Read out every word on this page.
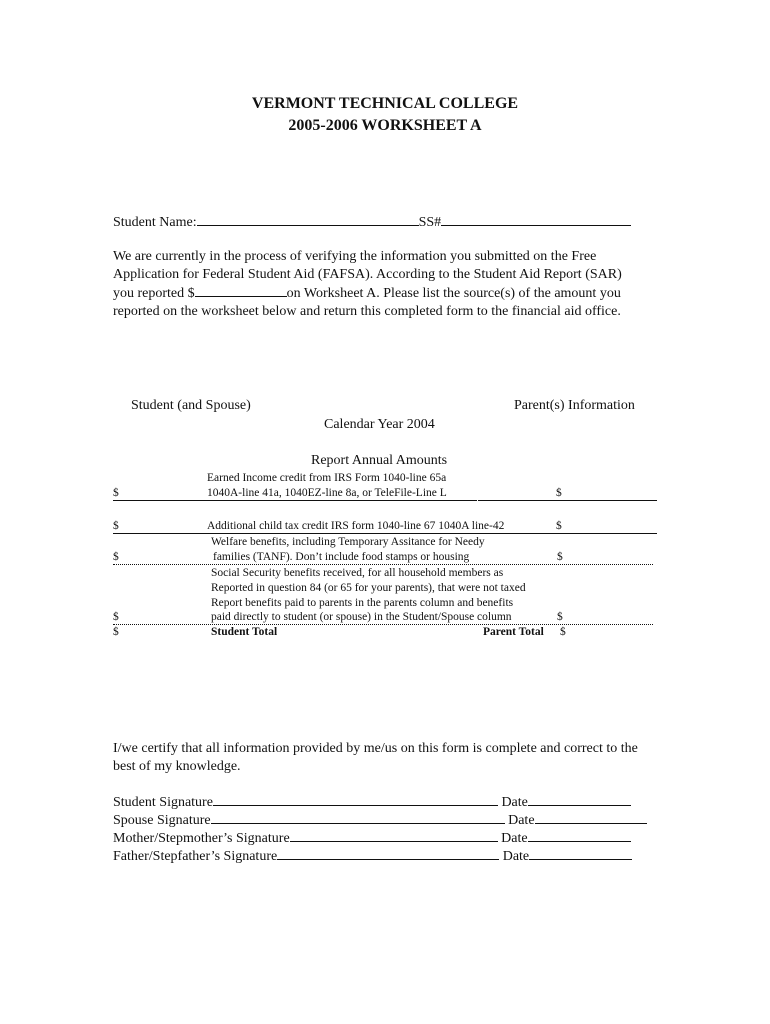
VERMONT TECHNICAL COLLEGE
2005-2006 WORKSHEET A
Student Name:	SS#
We are currently in the process of verifying the information you submitted on the Free Application for Federal Student Aid (FAFSA). According to the Student Aid Report (SAR) you reported $	on Worksheet A. Please list the source(s) of the amount you reported on the worksheet below and return this completed form to the financial aid office.
Student (and Spouse)	Parent(s) Information
Calendar Year 2004
Report Annual Amounts
Earned Income credit from IRS Form 1040-line 65a
$	1040A-line 41a, 1040EZ-line 8a, or TeleFile-Line L	$
$	Additional child tax credit IRS form 1040-line 67 1040A line-42	$
Welfare benefits, including Temporary Assitance for Needy
$	families (TANF). Don’t include food stamps or housing	$
Social Security benefits received, for all household members as
Reported in question 84 (or 65 for your parents), that were not taxed
Report benefits paid to parents in the parents column and benefits
$	paid directly to student (or spouse) in the Student/Spouse column	$
$	Student Total	Parent Total $
I/we certify that all information provided by me/us on this form is complete and correct to the best of my knowledge.
Student Signature	Date
Spouse Signature	Date
Mother/Stepmother’s Signature	Date
Father/Stepfather’s Signature	Date
